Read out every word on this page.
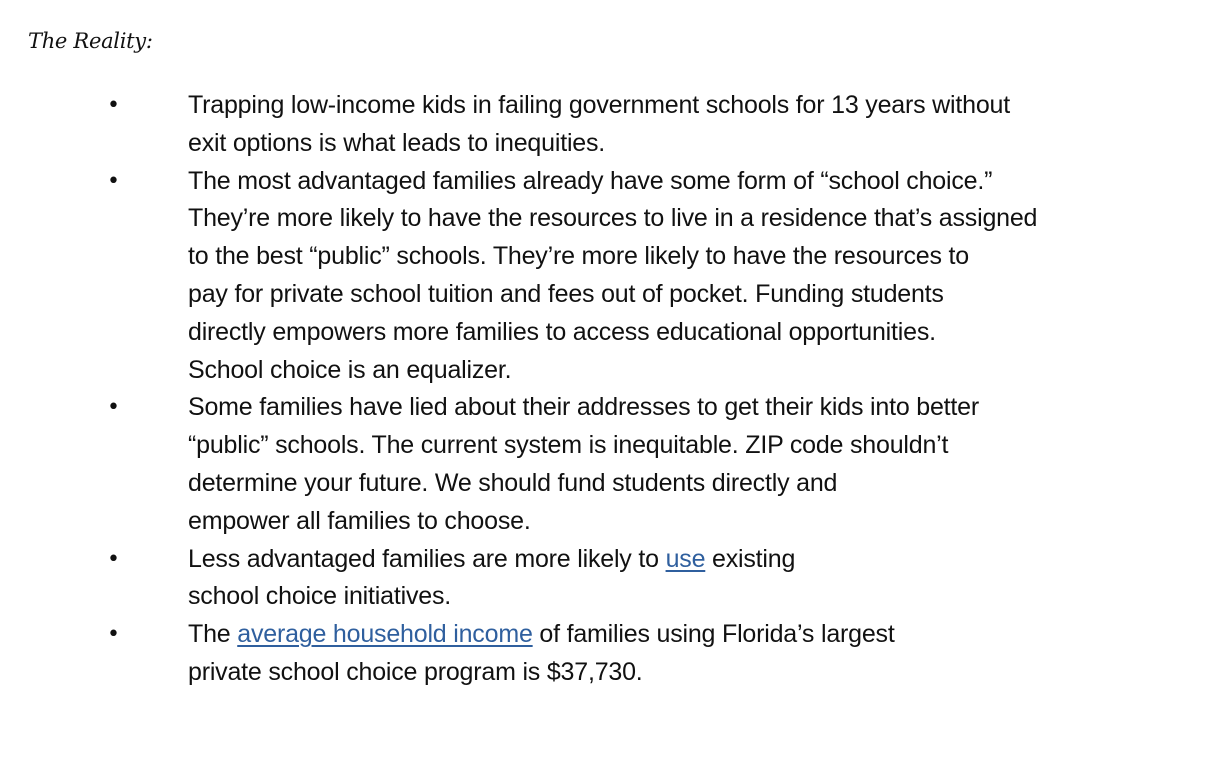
The Reality:

•	Trapping low-income kids in failing government schools for 13 years without
exit options is what leads to inequities.
•	The most advantaged families already have some form of “school choice.”
They’re more likely to have the resources to live in a residence that’s assigned
to the best “public” schools. They’re more likely to have the resources to
pay for private school tuition and fees out of pocket. Funding students
directly empowers more families to access educational opportunities.
School choice is an equalizer.
•	Some families have lied about their addresses to get their kids into better
“public” schools. The current system is inequitable. ZIP code shouldn’t
determine your future. We should fund students directly and
empower all families to choose.
•	Less advantaged families are more likely to use existing
school choice initiatives.
•	The average household income of families using Florida’s largest
private school choice program is $37,730.
